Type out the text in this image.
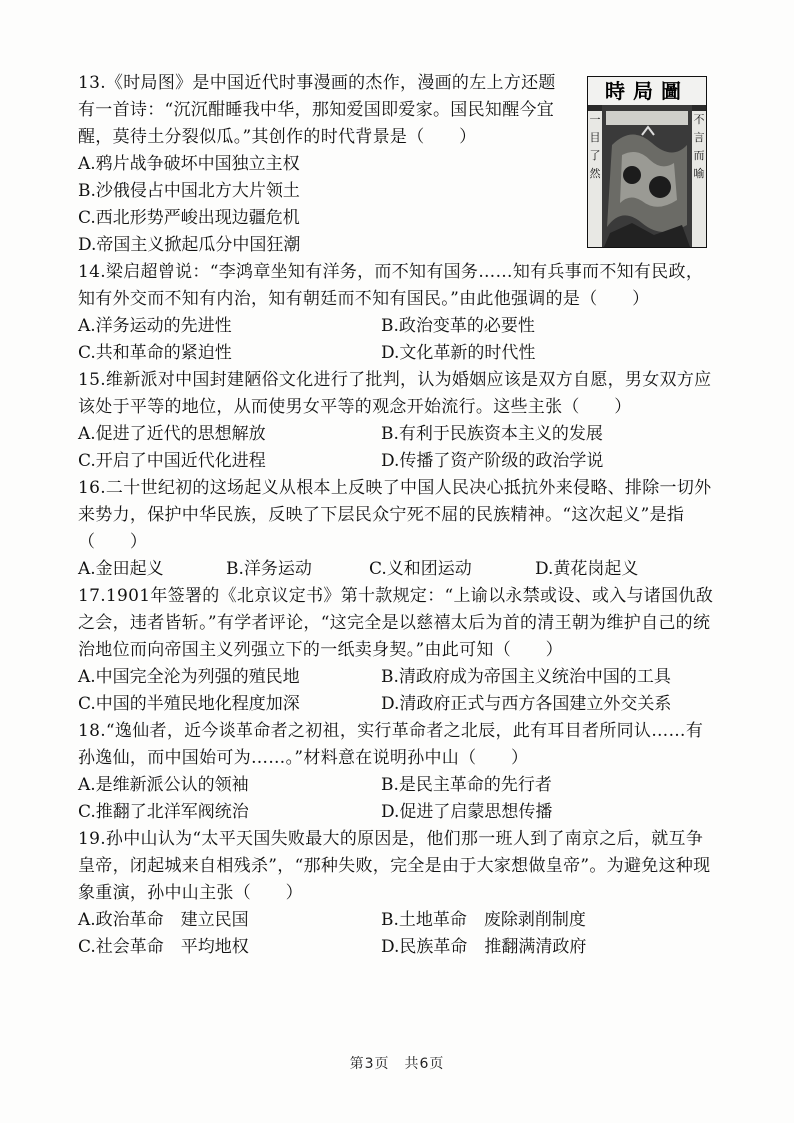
時局圖
一目了然
不言而喻

13.《时局图》是中国近代时事漫画的杰作，漫画的左上方还题有一首诗：“沉沉酣睡我中华，那知爱国即爱家。国民知醒今宜醒，莫待土分裂似瓜。”其创作的时代背景是（　　）

A.鸦片战争破坏中国独立主权

B.沙俄侵占中国北方大片领土

C.西北形势严峻出现边疆危机

D.帝国主义掀起瓜分中国狂潮

14.梁启超曾说：“李鸿章坐知有洋务，而不知有国务……知有兵事而不知有民政，知有外交而不知有内治，知有朝廷而不知有国民。”由此他强调的是（　　）

A.洋务运动的先进性	B.政治变革的必要性

C.共和革命的紧迫性	D.文化革新的时代性

15.维新派对中国封建陋俗文化进行了批判，认为婚姻应该是双方自愿，男女双方应该处于平等的地位，从而使男女平等的观念开始流行。这些主张（　　）

A.促进了近代的思想解放	B.有利于民族资本主义的发展

C.开启了中国近代化进程	D.传播了资产阶级的政治学说

16.二十世纪初的这场起义从根本上反映了中国人民决心抵抗外来侵略、排除一切外来势力，保护中华民族，反映了下层民众宁死不屈的民族精神。“这次起义”是指（　　）

A.金田起义	B.洋务运动	C.义和团运动	D.黄花岗起义

17.1901年签署的《北京议定书》第十款规定：“上谕以永禁或设、或入与诸国仇敌之会，违者皆斩。”有学者评论，“这完全是以慈禧太后为首的清王朝为维护自己的统治地位而向帝国主义列强立下的一纸卖身契。”由此可知（　　）

A.中国完全沦为列强的殖民地	B.清政府成为帝国主义统治中国的工具

C.中国的半殖民地化程度加深	D.清政府正式与西方各国建立外交关系

18.“逸仙者，近今谈革命者之初祖，实行革命者之北辰，此有耳目者所同认……有孙逸仙，而中国始可为……。”材料意在说明孙中山（　　）

A.是维新派公认的领袖	B.是民主革命的先行者

C.推翻了北洋军阀统治	D.促进了启蒙思想传播

19.孙中山认为“太平天国失败最大的原因是，他们那一班人到了南京之后，就互争皇帝，闭起城来自相残杀”，“那种失败，完全是由于大家想做皇帝”。为避免这种现象重演，孙中山主张（　　）

A.政治革命　建立民国	B.土地革命　废除剥削制度

C.社会革命　平均地权	D.民族革命　推翻满清政府

第3页　共6页
